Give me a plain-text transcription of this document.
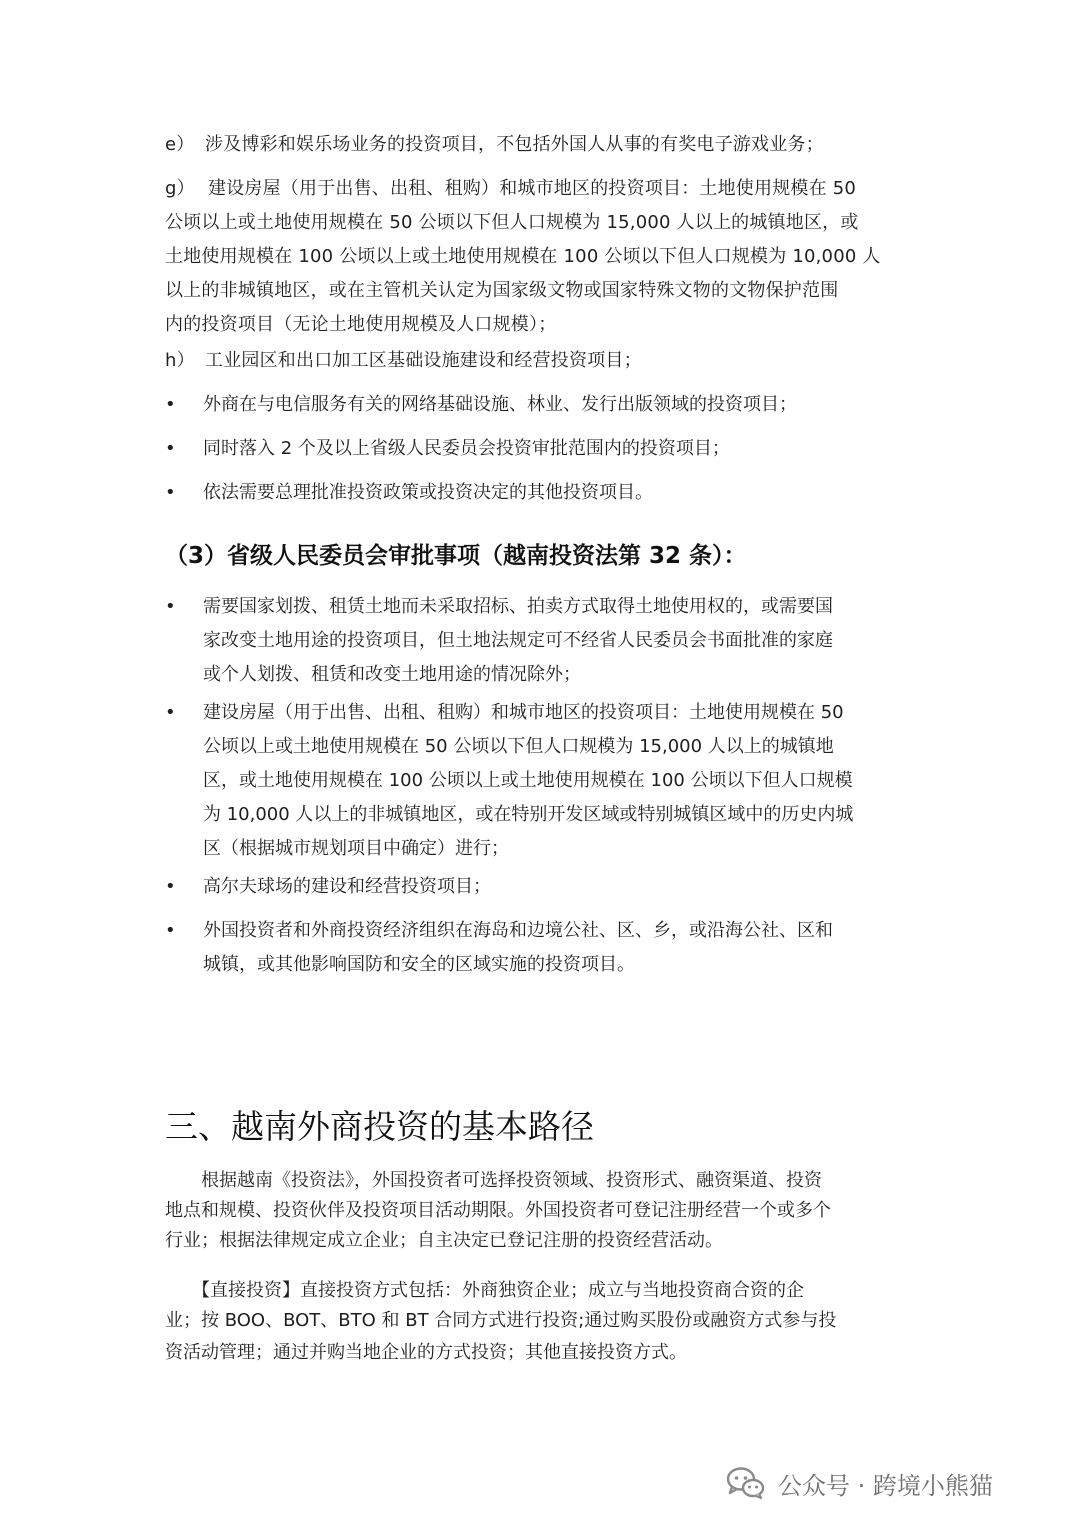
e） 涉及博彩和娱乐场业务的投资项目，不包括外国人从事的有奖电子游戏业务；
g） 建设房屋（用于出售、出租、租购）和城市地区的投资项目：土地使用规模在 50
公顷以上或土地使用规模在 50 公顷以下但人口规模为 15,000 人以上的城镇地区，或
土地使用规模在 100 公顷以上或土地使用规模在 100 公顷以下但人口规模为 10,000 人
以上的非城镇地区，或在主管机关认定为国家级文物或国家特殊文物的文物保护范围
内的投资项目（无论土地使用规模及人口规模）；
h） 工业园区和出口加工区基础设施建设和经营投资项目；
• 外商在与电信服务有关的网络基础设施、林业、发行出版领域的投资项目；
• 同时落入 2 个及以上省级人民委员会投资审批范围内的投资项目；
• 依法需要总理批准投资政策或投资决定的其他投资项目。
（3）省级人民委员会审批事项（越南投资法第 32 条）：
• 需要国家划拨、租赁土地而未采取招标、拍卖方式取得土地使用权的，或需要国
家改变土地用途的投资项目，但土地法规定可不经省人民委员会书面批准的家庭
或个人划拨、租赁和改变土地用途的情况除外；
• 建设房屋（用于出售、出租、租购）和城市地区的投资项目：土地使用规模在 50
公顷以上或土地使用规模在 50 公顷以下但人口规模为 15,000 人以上的城镇地
区，或土地使用规模在 100 公顷以上或土地使用规模在 100 公顷以下但人口规模
为 10,000 人以上的非城镇地区，或在特别开发区域或特别城镇区域中的历史内城
区（根据城市规划项目中确定）进行；
• 高尔夫球场的建设和经营投资项目；
• 外国投资者和外商投资经济组织在海岛和边境公社、区、乡，或沿海公社、区和
城镇，或其他影响国防和安全的区域实施的投资项目。
三、越南外商投资的基本路径
　　根据越南《投资法》，外国投资者可选择投资领域、投资形式、融资渠道、投资
地点和规模、投资伙伴及投资项目活动期限。外国投资者可登记注册经营一个或多个
行业；根据法律规定成立企业；自主决定已登记注册的投资经营活动。
　　【直接投资】直接投资方式包括：外商独资企业；成立与当地投资商合资的企
业；按 BOO、BOT、BTO 和 BT 合同方式进行投资;通过购买股份或融资方式参与投
资活动管理；通过并购当地企业的方式投资；其他直接投资方式。
公众号 · 跨境小熊猫
